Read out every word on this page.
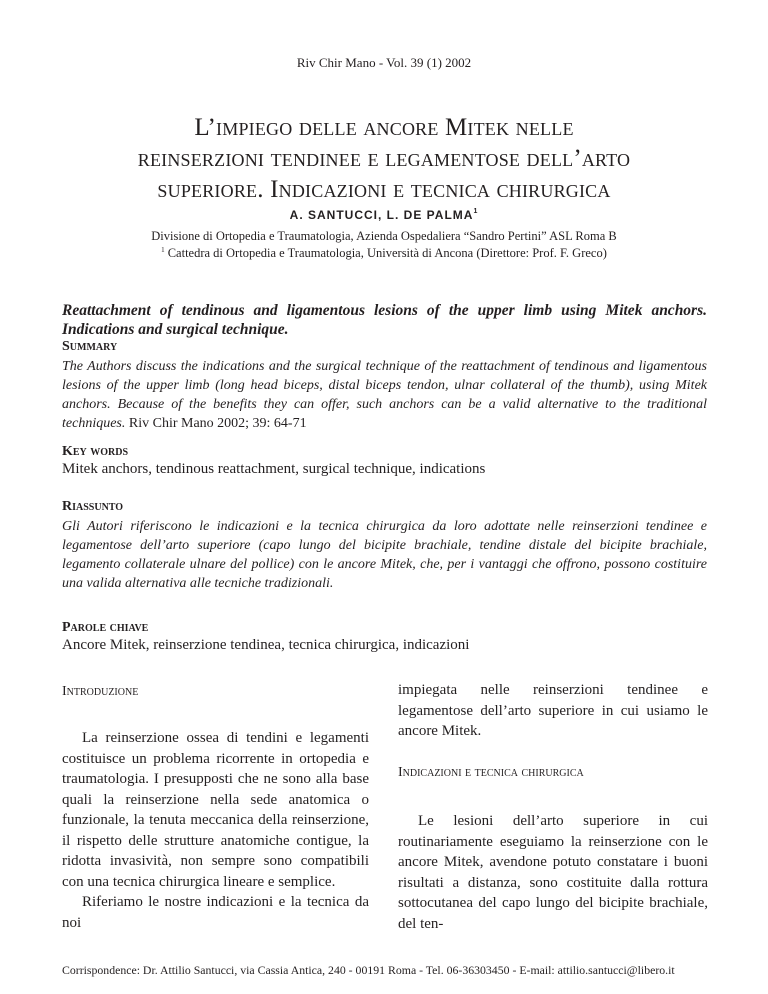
Riv Chir Mano - Vol. 39 (1) 2002
L’impiego delle ancore Mitek nelle
reinserzioni tendinee e legamentose dell’arto
superiore. Indicazioni e tecnica chirurgica
A. SANTUCCI, L. DE PALMA$^1$
Divisione di Ortopedia e Traumatologia, Azienda Ospedaliera “Sandro Pertini” ASL Roma B
$^1$ Cattedra di Ortopedia e Traumatologia, Università di Ancona (Direttore: Prof. F. Greco)
Reattachment of tendinous and ligamentous lesions of the upper limb using Mitek anchors. Indications and surgical technique.
Summary
The Authors discuss the indications and the surgical technique of the reattachment of tendinous and ligamentous lesions of the upper limb (long head biceps, distal biceps tendon, ulnar collateral of the thumb), using Mitek anchors. Because of the benefits they can offer, such anchors can be a valid alternative to the traditional techniques. Riv Chir Mano 2002; 39: 64-71
Key words
Mitek anchors, tendinous reattachment, surgical technique, indications
Riassunto
Gli Autori riferiscono le indicazioni e la tecnica chirurgica da loro adottate nelle reinserzioni tendinee e legamentose dell’arto superiore (capo lungo del bicipite brachiale, tendine distale del bicipite brachiale, legamento collaterale ulnare del pollice) con le ancore Mitek, che, per i vantaggi che offrono, possono costituire una valida alternativa alle tecniche tradizionali.
Parole chiave
Ancore Mitek, reinserzione tendinea, tecnica chirurgica, indicazioni
Introduzione

La reinserzione ossea di tendini e legamenti costituisce un problema ricorrente in ortopedia e traumatologia. I presupposti che ne sono alla base quali la reinserzione nella sede anatomica o funzionale, la tenuta meccanica della reinserzione, il rispetto delle strutture anatomiche contigue, la ridotta invasività, non sempre sono compatibili con una tecnica chirurgica lineare e semplice.

Riferiamo le nostre indicazioni e la tecnica da noi

impiegata nelle reinserzioni tendinee e legamentose dell’arto superiore in cui usiamo le ancore Mitek.

Indicazioni e tecnica chirurgica

Le lesioni dell’arto superiore in cui routinariamente eseguiamo la reinserzione con le ancore Mitek, avendone potuto constatare i buoni risultati a distanza, sono costituite dalla rottura sottocutanea del capo lungo del bicipite brachiale, del ten-

Corrispondence: Dr. Attilio Santucci, via Cassia Antica, 240 - 00191 Roma - Tel. 06-36303450 - E-mail: attilio.santucci@libero.it
